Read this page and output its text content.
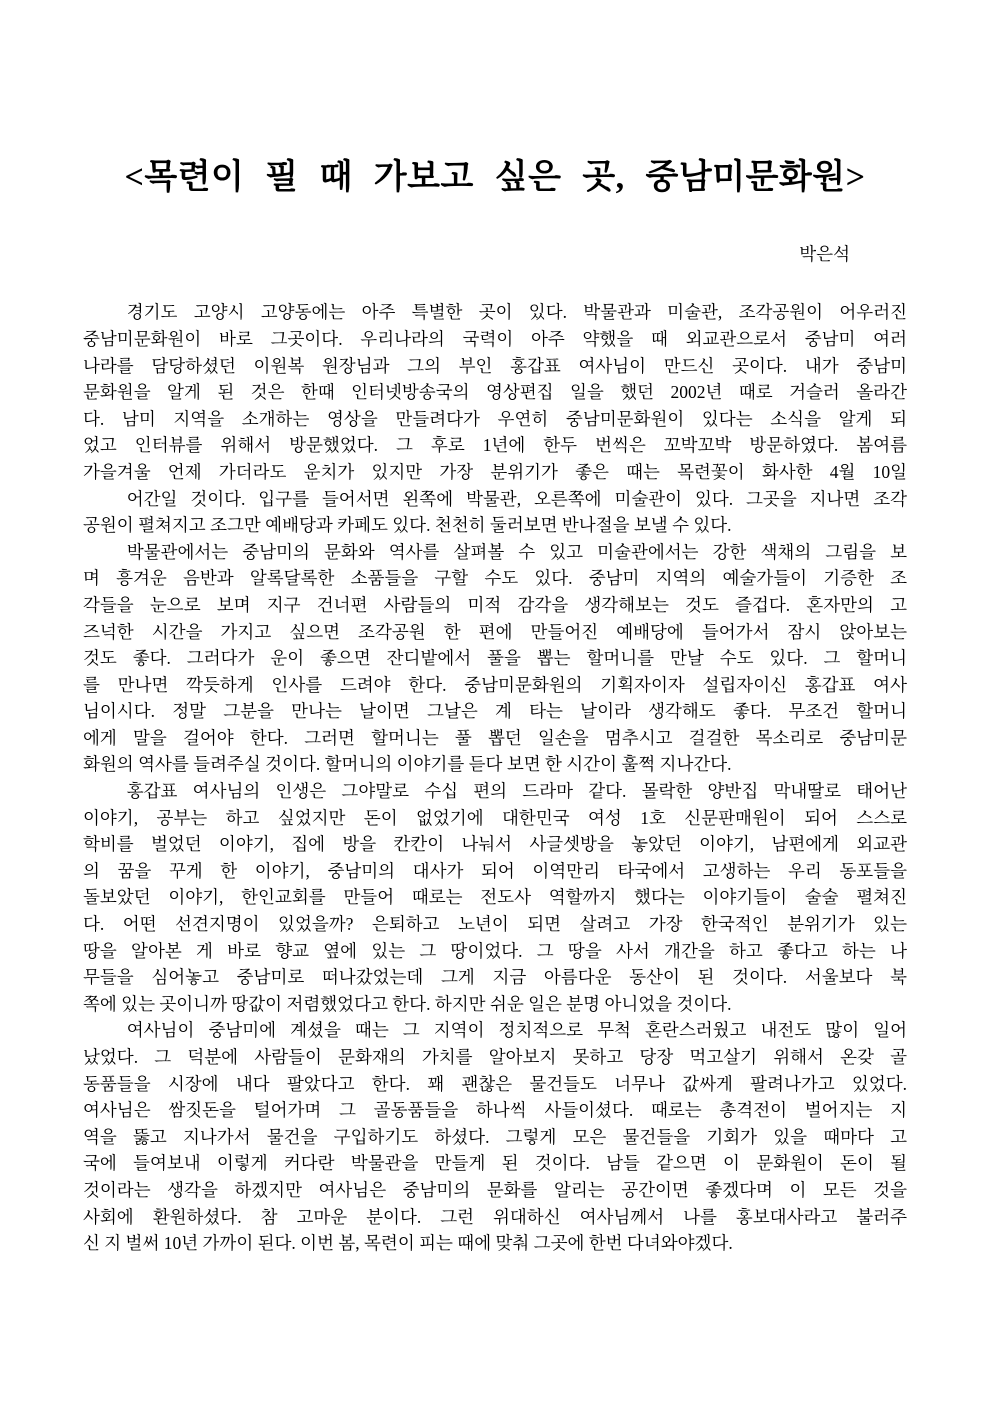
<목련이 필 때 가보고 싶은 곳, 중남미문화원>
박은석

경기도 고양시 고양동에는 아주 특별한 곳이 있다. 박물관과 미술관, 조각공원이 어우러진
중남미문화원이 바로 그곳이다. 우리나라의 국력이 아주 약했을 때 외교관으로서 중남미 여러
나라를 담당하셨던 이원복 원장님과 그의 부인 홍갑표 여사님이 만드신 곳이다. 내가 중남미
문화원을 알게 된 것은 한때 인터넷방송국의 영상편집 일을 했던 2002년 때로 거슬러 올라간
다. 남미 지역을 소개하는 영상을 만들려다가 우연히 중남미문화원이 있다는 소식을 알게 되
었고 인터뷰를 위해서 방문했었다. 그 후로 1년에 한두 번씩은 꼬박꼬박 방문하였다. 봄여름
가을겨울 언제 가더라도 운치가 있지만 가장 분위기가 좋은 때는 목련꽃이 화사한 4월 10일
어간일 것이다. 입구를 들어서면 왼쪽에 박물관, 오른쪽에 미술관이 있다. 그곳을 지나면 조각
공원이 펼쳐지고 조그만 예배당과 카페도 있다. 천천히 둘러보면 반나절을 보낼 수 있다.

박물관에서는 중남미의 문화와 역사를 살펴볼 수 있고 미술관에서는 강한 색채의 그림을 보
며 흥겨운 음반과 알록달록한 소품들을 구할 수도 있다. 중남미 지역의 예술가들이 기증한 조
각들을 눈으로 보며 지구 건너편 사람들의 미적 감각을 생각해보는 것도 즐겁다. 혼자만의 고
즈넉한 시간을 가지고 싶으면 조각공원 한 편에 만들어진 예배당에 들어가서 잠시 앉아보는
것도 좋다. 그러다가 운이 좋으면 잔디밭에서 풀을 뽑는 할머니를 만날 수도 있다. 그 할머니
를 만나면 깍듯하게 인사를 드려야 한다. 중남미문화원의 기획자이자 설립자이신 홍갑표 여사
님이시다. 정말 그분을 만나는 날이면 그날은 계 타는 날이라 생각해도 좋다. 무조건 할머니
에게 말을 걸어야 한다. 그러면 할머니는 풀 뽑던 일손을 멈추시고 걸걸한 목소리로 중남미문
화원의 역사를 들려주실 것이다. 할머니의 이야기를 듣다 보면 한 시간이 훌쩍 지나간다.

홍갑표 여사님의 인생은 그야말로 수십 편의 드라마 같다. 몰락한 양반집 막내딸로 태어난
이야기, 공부는 하고 싶었지만 돈이 없었기에 대한민국 여성 1호 신문판매원이 되어 스스로
학비를 벌었던 이야기, 집에 방을 칸칸이 나눠서 사글셋방을 놓았던 이야기, 남편에게 외교관
의 꿈을 꾸게 한 이야기, 중남미의 대사가 되어 이역만리 타국에서 고생하는 우리 동포들을
돌보았던 이야기, 한인교회를 만들어 때로는 전도사 역할까지 했다는 이야기들이 술술 펼쳐진
다. 어떤 선견지명이 있었을까? 은퇴하고 노년이 되면 살려고 가장 한국적인 분위기가 있는
땅을 알아본 게 바로 향교 옆에 있는 그 땅이었다. 그 땅을 사서 개간을 하고 좋다고 하는 나
무들을 심어놓고 중남미로 떠나갔었는데 그게 지금 아름다운 동산이 된 것이다. 서울보다 북
쪽에 있는 곳이니까 땅값이 저렴했었다고 한다. 하지만 쉬운 일은 분명 아니었을 것이다.

여사님이 중남미에 계셨을 때는 그 지역이 정치적으로 무척 혼란스러웠고 내전도 많이 일어
났었다. 그 덕분에 사람들이 문화재의 가치를 알아보지 못하고 당장 먹고살기 위해서 온갖 골
동품들을 시장에 내다 팔았다고 한다. 꽤 괜찮은 물건들도 너무나 값싸게 팔려나가고 있었다.
여사님은 쌈짓돈을 털어가며 그 골동품들을 하나씩 사들이셨다. 때로는 총격전이 벌어지는 지
역을 뚫고 지나가서 물건을 구입하기도 하셨다. 그렇게 모은 물건들을 기회가 있을 때마다 고
국에 들여보내 이렇게 커다란 박물관을 만들게 된 것이다. 남들 같으면 이 문화원이 돈이 될
것이라는 생각을 하겠지만 여사님은 중남미의 문화를 알리는 공간이면 좋겠다며 이 모든 것을
사회에 환원하셨다. 참 고마운 분이다. 그런 위대하신 여사님께서 나를 홍보대사라고 불러주
신 지 벌써 10년 가까이 된다. 이번 봄, 목련이 피는 때에 맞춰 그곳에 한번 다녀와야겠다.
